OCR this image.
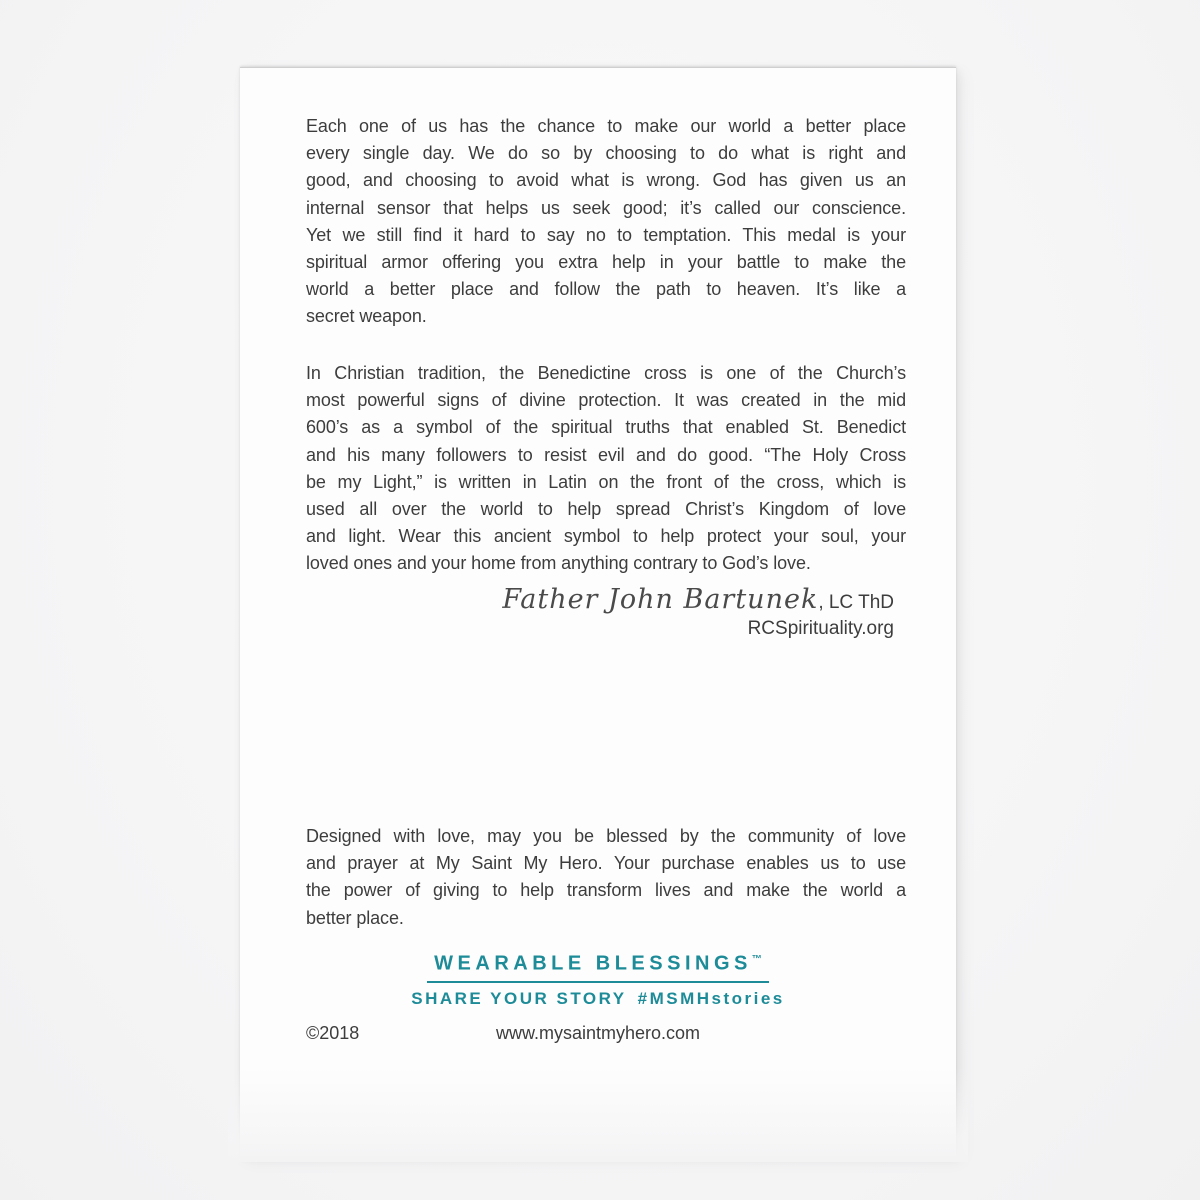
Each one of us has the chance to make our world a better place
every single day. We do so by choosing to do what is right and
good, and choosing to avoid what is wrong. God has given us an
internal sensor that helps us seek good; it’s called our conscience.
Yet we still find it hard to say no to temptation. This medal is your
spiritual armor offering you extra help in your battle to make the
world a better place and follow the path to heaven. It’s like a
secret weapon.
In Christian tradition, the Benedictine cross is one of the Church’s
most powerful signs of divine protection. It was created in the mid
600’s as a symbol of the spiritual truths that enabled St. Benedict
and his many followers to resist evil and do good. “The Holy Cross
be my Light,” is written in Latin on the front of the cross, which is
used all over the world to help spread Christ’s Kingdom of love
and light. Wear this ancient symbol to help protect your soul, your
loved ones and your home from anything contrary to God’s love.
Father John Bartunek, LC ThD
RCSpirituality.org
Designed with love, may you be blessed by the community of love
and prayer at My Saint My Hero. Your purchase enables us to use
the power of giving to help transform lives and make the world a
better place.
WEARABLE BLESSINGS™
SHARE YOUR STORY #MSMHstories
©2018	www.mysaintmyhero.com
